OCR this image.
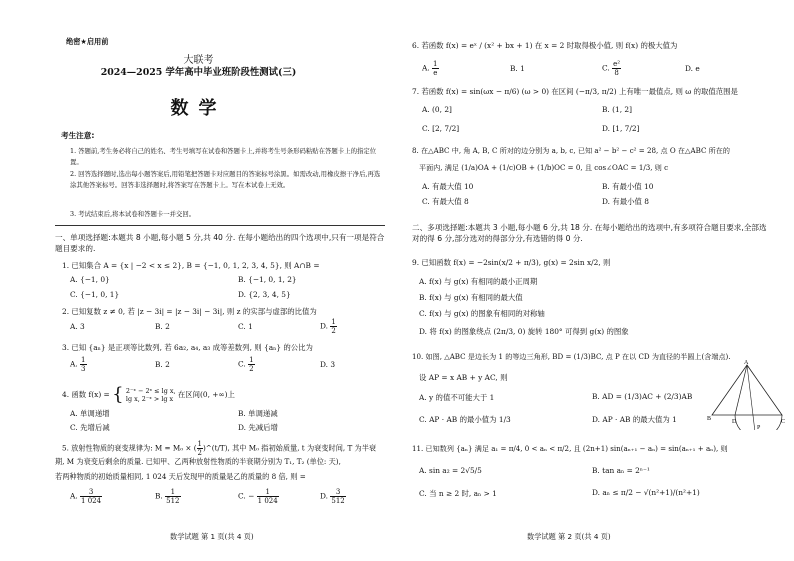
绝密★启用前
大联考
2024—2025 学年高中毕业班阶段性测试(三)
数学
考生注意:
1. 答题前,考生务必将自己的姓名、考生号填写在试卷和答题卡上,并将考生号条形码粘贴在答题卡上的指定位置。
2. 回答选择题时,选出每小题答案后,用铅笔把答题卡对应题目的答案标号涂黑。如需改动,用橡皮擦干净后,再选涂其他答案标号。回答非选择题时,将答案写在答题卡上。写在本试卷上无效。
3. 考试结束后,将本试卷和答题卡一并交回。
一、单项选择题:本题共 8 小题,每小题 5 分,共 40 分. 在每小题给出的四个选项中,只有一项是符合题目要求的.
1. 已知集合 A = {x | −2 < x ≤ 2}, B = {−1, 0, 1, 2, 3, 4, 5}, 则 A∩B =
A. {−1, 0}	B. {−1, 0, 1, 2}
C. {−1, 0, 1}	D. {2, 3, 4, 5}
2. 已知复数 z ≠ 0, 若 |z − 3i| = |z − 3i| − 3i|, 则 z 的实部与虚部的比值为
A. 3	B. 2	C. 1	D. $\frac{1}{2}$
3. 已知 {aₙ} 是正项等比数列, 若 6a₂, a₄, a₃ 成等差数列, 则 {aₙ} 的公比为
A. $\frac{1}{3}$	B. 2	C. $\frac{1}{2}$	D. 3
4. 函数 f(x) = { 2⁻ˣ − 2ˣ ≤ lg x,
lg x, 2⁻ˣ > lg x 在区间(0, +∞)上
A. 单调递增	B. 单调递减
C. 先增后减	D. 先减后增
5. 放射性物质的衰变规律为: M = M₀ × ( $\frac{1}{2}$ )^(t/T), 其中 M₀ 指初始质量, t 为衰变时间, T 为半衰
期, M 为衰变后剩余的质量. 已知甲、乙两种放射性物质的半衰期分别为 T₁, T₂ (单位: 天),
若两种物质的初始质量相同, 1 024 天后发现甲的质量是乙的质量的 8 倍, 则 =
A. $\frac{3}{1 024}$	B. $\frac{1}{512}$	C. − $\frac{1}{1 024}$	D. $\frac{3}{512}$
数学试题 第 1 页(共 4 页)
6. 若函数 f(x) = eˣ / (x² + bx + 1) 在 x = 2 时取得极小值, 则 f(x) 的极大值为
A. $\frac{1}{e}$	B. 1	C. $\frac{\text{e²}}{8}$	D. e
7. 若函数 f(x) = sin(ωx − π/6) (ω > 0) 在区间 (−π/3, π/2) 上有唯一最值点, 则 ω 的取值范围是
A. (0, 2]	B. (1, 2]
C. [2, 7/2]	D. [1, 7/2]
8. 在△ABC 中, 角 A, B, C 所对的边分别为 a, b, c, 已知 a² − b² − c² = 28, 点 O 在△ABC 所在的
平面内, 满足 (1/a)OA + (1/c)OB + (1/b)OC = 0, 且 cos∠OAC = 1/3, 则 c
A. 有最大值 10	B. 有最小值 10
C. 有最大值 8	D. 有最小值 8
二、多项选择题:本题共 3 小题,每小题 6 分,共 18 分. 在每小题给出的选项中,有多项符合题目要求,全部选对的得 6 分,部分选对的得部分分,有选错的得 0 分.
9. 已知函数 f(x) = −2sin(x/2 + π/3), g(x) = 2sin x/2, 则
A. f(x) 与 g(x) 有相同的最小正周期
B. f(x) 与 g(x) 有相同的最大值
C. f(x) 与 g(x) 的图象有相同的对称轴
D. 将 f(x) 的图象绕点 (2π/3, 0) 旋转 180° 可得到 g(x) 的图象
10. 如图, △ABC 是边长为 1 的等边三角形, BD = (1/3)BC, 点 P 在以 CD 为直径的半圆上(含端点).
设 AP = x AB + y AC, 则
A. y 的值不可能大于 1	B. AD = (1/3)AC + (2/3)AB
C. AP · AB 的最小值为 1/3	D. AP · AB 的最大值为 1
A
B	D	C
P
11. 已知数列 {aₙ} 满足 a₁ = π/4, 0 < aₙ < π/2, 且 (2n+1) sin(aₙ₊₁ − aₙ) = sin(aₙ₊₁ + aₙ), 则
A. sin a₂ = 2√5/5	B. tan aₙ = 2ⁿ⁻¹
C. 当 n ≥ 2 时, aₙ > 1	D. aₙ ≤ π/2 − √(n²+1)/(n²+1)
数学试题 第 2 页(共 4 页)
